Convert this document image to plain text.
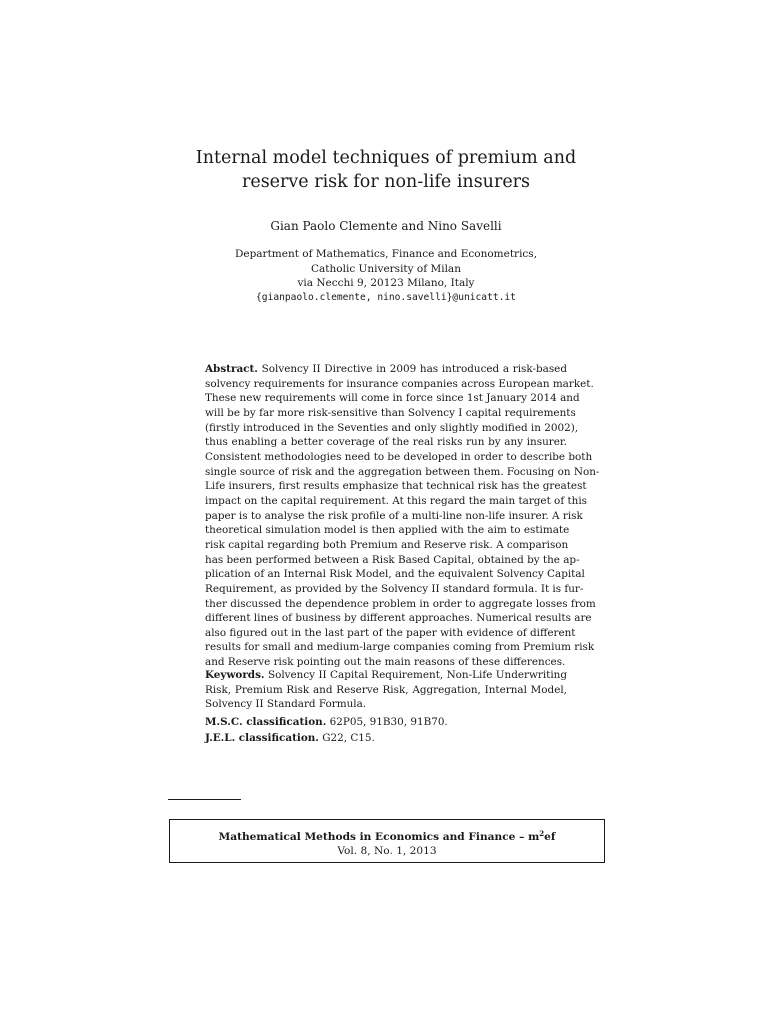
Internal model techniques of premium and
reserve risk for non-life insurers
Gian Paolo Clemente and Nino Savelli
Department of Mathematics, Finance and Econometrics,
Catholic University of Milan
via Necchi 9, 20123 Milano, Italy
{gianpaolo.clemente, nino.savelli}@unicatt.it
Abstract. Solvency II Directive in 2009 has introduced a risk-based
solvency requirements for insurance companies across European market.
These new requirements will come in force since 1st January 2014 and
will be by far more risk-sensitive than Solvency I capital requirements
(firstly introduced in the Seventies and only slightly modified in 2002),
thus enabling a better coverage of the real risks run by any insurer.
Consistent methodologies need to be developed in order to describe both
single source of risk and the aggregation between them. Focusing on Non-
Life insurers, first results emphasize that technical risk has the greatest
impact on the capital requirement. At this regard the main target of this
paper is to analyse the risk profile of a multi-line non-life insurer. A risk
theoretical simulation model is then applied with the aim to estimate
risk capital regarding both Premium and Reserve risk. A comparison
has been performed between a Risk Based Capital, obtained by the ap-
plication of an Internal Risk Model, and the equivalent Solvency Capital
Requirement, as provided by the Solvency II standard formula. It is fur-
ther discussed the dependence problem in order to aggregate losses from
different lines of business by different approaches. Numerical results are
also figured out in the last part of the paper with evidence of different
results for small and medium-large companies coming from Premium risk
and Reserve risk pointing out the main reasons of these differences.
Keywords. Solvency II Capital Requirement, Non-Life Underwriting
Risk, Premium Risk and Reserve Risk, Aggregation, Internal Model,
Solvency II Standard Formula.
M.S.C. classification. 62P05, 91B30, 91B70.
J.E.L. classification. G22, C15.
Mathematical Methods in Economics and Finance – $m^2ef$
Vol. 8, No. 1, 2013
